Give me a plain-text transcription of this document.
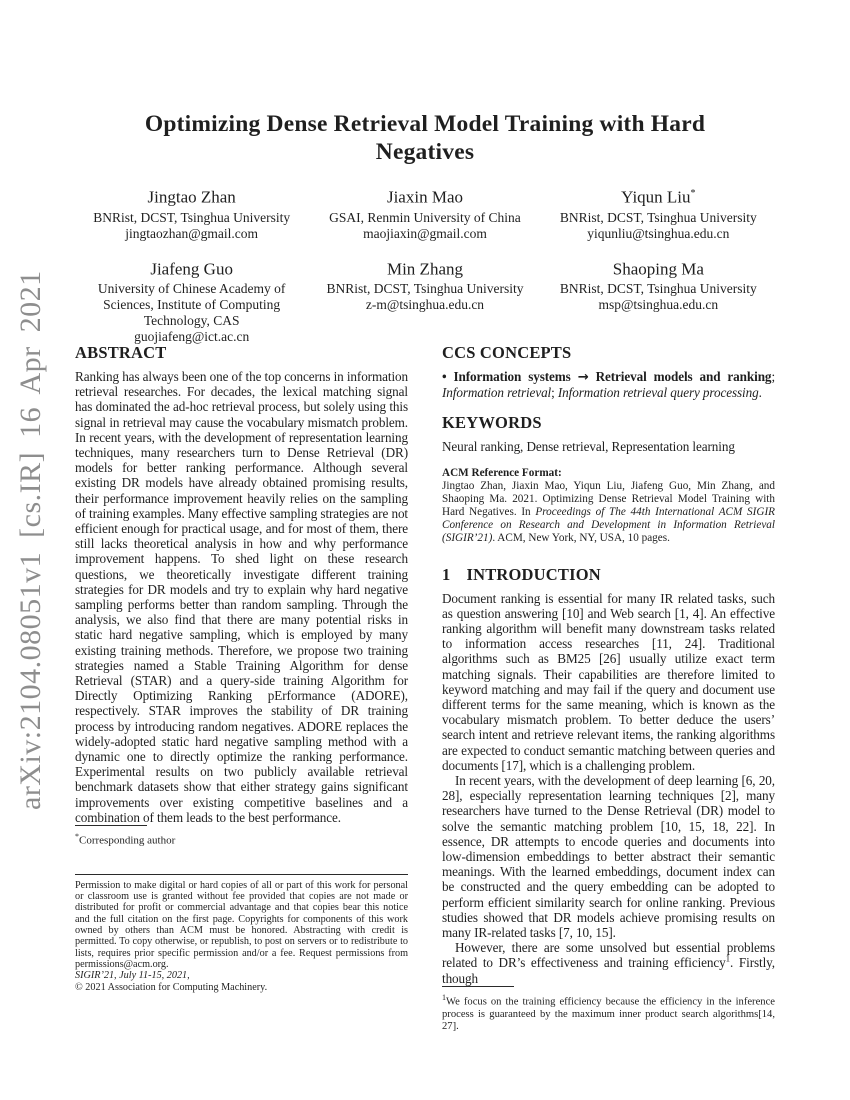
arXiv:2104.08051v1 [cs.IR] 16 Apr 2021
Optimizing Dense Retrieval Model Training with Hard Negatives
Jingtao Zhan
BNRist, DCST, Tsinghua University
jingtaozhan@gmail.com
Jiaxin Mao
GSAI, Renmin University of China
maojiaxin@gmail.com
Yiqun Liu*
BNRist, DCST, Tsinghua University
yiqunliu@tsinghua.edu.cn
Jiafeng Guo
University of Chinese Academy of
Sciences, Institute of Computing
Technology, CAS
guojiafeng@ict.ac.cn
Min Zhang
BNRist, DCST, Tsinghua University
z-m@tsinghua.edu.cn
Shaoping Ma
BNRist, DCST, Tsinghua University
msp@tsinghua.edu.cn
ABSTRACT

Ranking has always been one of the top concerns in information retrieval researches. For decades, the lexical matching signal has dominated the ad-hoc retrieval process, but solely using this signal in retrieval may cause the vocabulary mismatch problem. In recent years, with the development of representation learning techniques, many researchers turn to Dense Retrieval (DR) models for better ranking performance. Although several existing DR models have already obtained promising results, their performance improvement heavily relies on the sampling of training examples. Many effective sampling strategies are not efficient enough for practical usage, and for most of them, there still lacks theoretical analysis in how and why performance improvement happens. To shed light on these research questions, we theoretically investigate different training strategies for DR models and try to explain why hard negative sampling performs better than random sampling. Through the analysis, we also find that there are many potential risks in static hard negative sampling, which is employed by many existing training methods. Therefore, we propose two training strategies named a Stable Training Algorithm for dense Retrieval (STAR) and a query-side training Algorithm for Directly Optimizing Ranking pErformance (ADORE), respectively. STAR improves the stability of DR training process by introducing random negatives. ADORE replaces the widely-adopted static hard negative sampling method with a dynamic one to directly optimize the ranking performance. Experimental results on two publicly available retrieval benchmark datasets show that either strategy gains significant improvements over existing competitive baselines and a combination of them leads to the best performance.

*Corresponding author

Permission to make digital or hard copies of all or part of this work for personal or classroom use is granted without fee provided that copies are not made or distributed for profit or commercial advantage and that copies bear this notice and the full citation on the first page. Copyrights for components of this work owned by others than ACM must be honored. Abstracting with credit is permitted. To copy otherwise, or republish, to post on servers or to redistribute to lists, requires prior specific permission and/or a fee. Request permissions from permissions@acm.org.

SIGIR’21, July 11-15, 2021,

© 2021 Association for Computing Machinery.

CCS CONCEPTS

• Information systems → Retrieval models and ranking; Information retrieval; Information retrieval query processing.

KEYWORDS

Neural ranking, Dense retrieval, Representation learning

ACM Reference Format:

Jingtao Zhan, Jiaxin Mao, Yiqun Liu, Jiafeng Guo, Min Zhang, and Shaoping Ma. 2021. Optimizing Dense Retrieval Model Training with Hard Negatives. In Proceedings of The 44th International ACM SIGIR Conference on Research and Development in Information Retrieval (SIGIR’21). ACM, New York, NY, USA, 10 pages.

1 INTRODUCTION

Document ranking is essential for many IR related tasks, such as question answering [10] and Web search [1, 4]. An effective ranking algorithm will benefit many downstream tasks related to information access researches [11, 24]. Traditional algorithms such as BM25 [26] usually utilize exact term matching signals. Their capabilities are therefore limited to keyword matching and may fail if the query and document use different terms for the same meaning, which is known as the vocabulary mismatch problem. To better deduce the users’ search intent and retrieve relevant items, the ranking algorithms are expected to conduct semantic matching between queries and documents [17], which is a challenging problem.

In recent years, with the development of deep learning [6, 20, 28], especially representation learning techniques [2], many researchers have turned to the Dense Retrieval (DR) model to solve the semantic matching problem [10, 15, 18, 22]. In essence, DR attempts to encode queries and documents into low-dimension embeddings to better abstract their semantic meanings. With the learned embeddings, document index can be constructed and the query embedding can be adopted to perform efficient similarity search for online ranking. Previous studies showed that DR models achieve promising results on many IR-related tasks [7, 10, 15].

However, there are some unsolved but essential problems related to DR’s effectiveness and training efficiency$^1$. Firstly, though

$^1$We focus on the training efficiency because the efficiency in the inference process is guaranteed by the maximum inner product search algorithms[14, 27].
